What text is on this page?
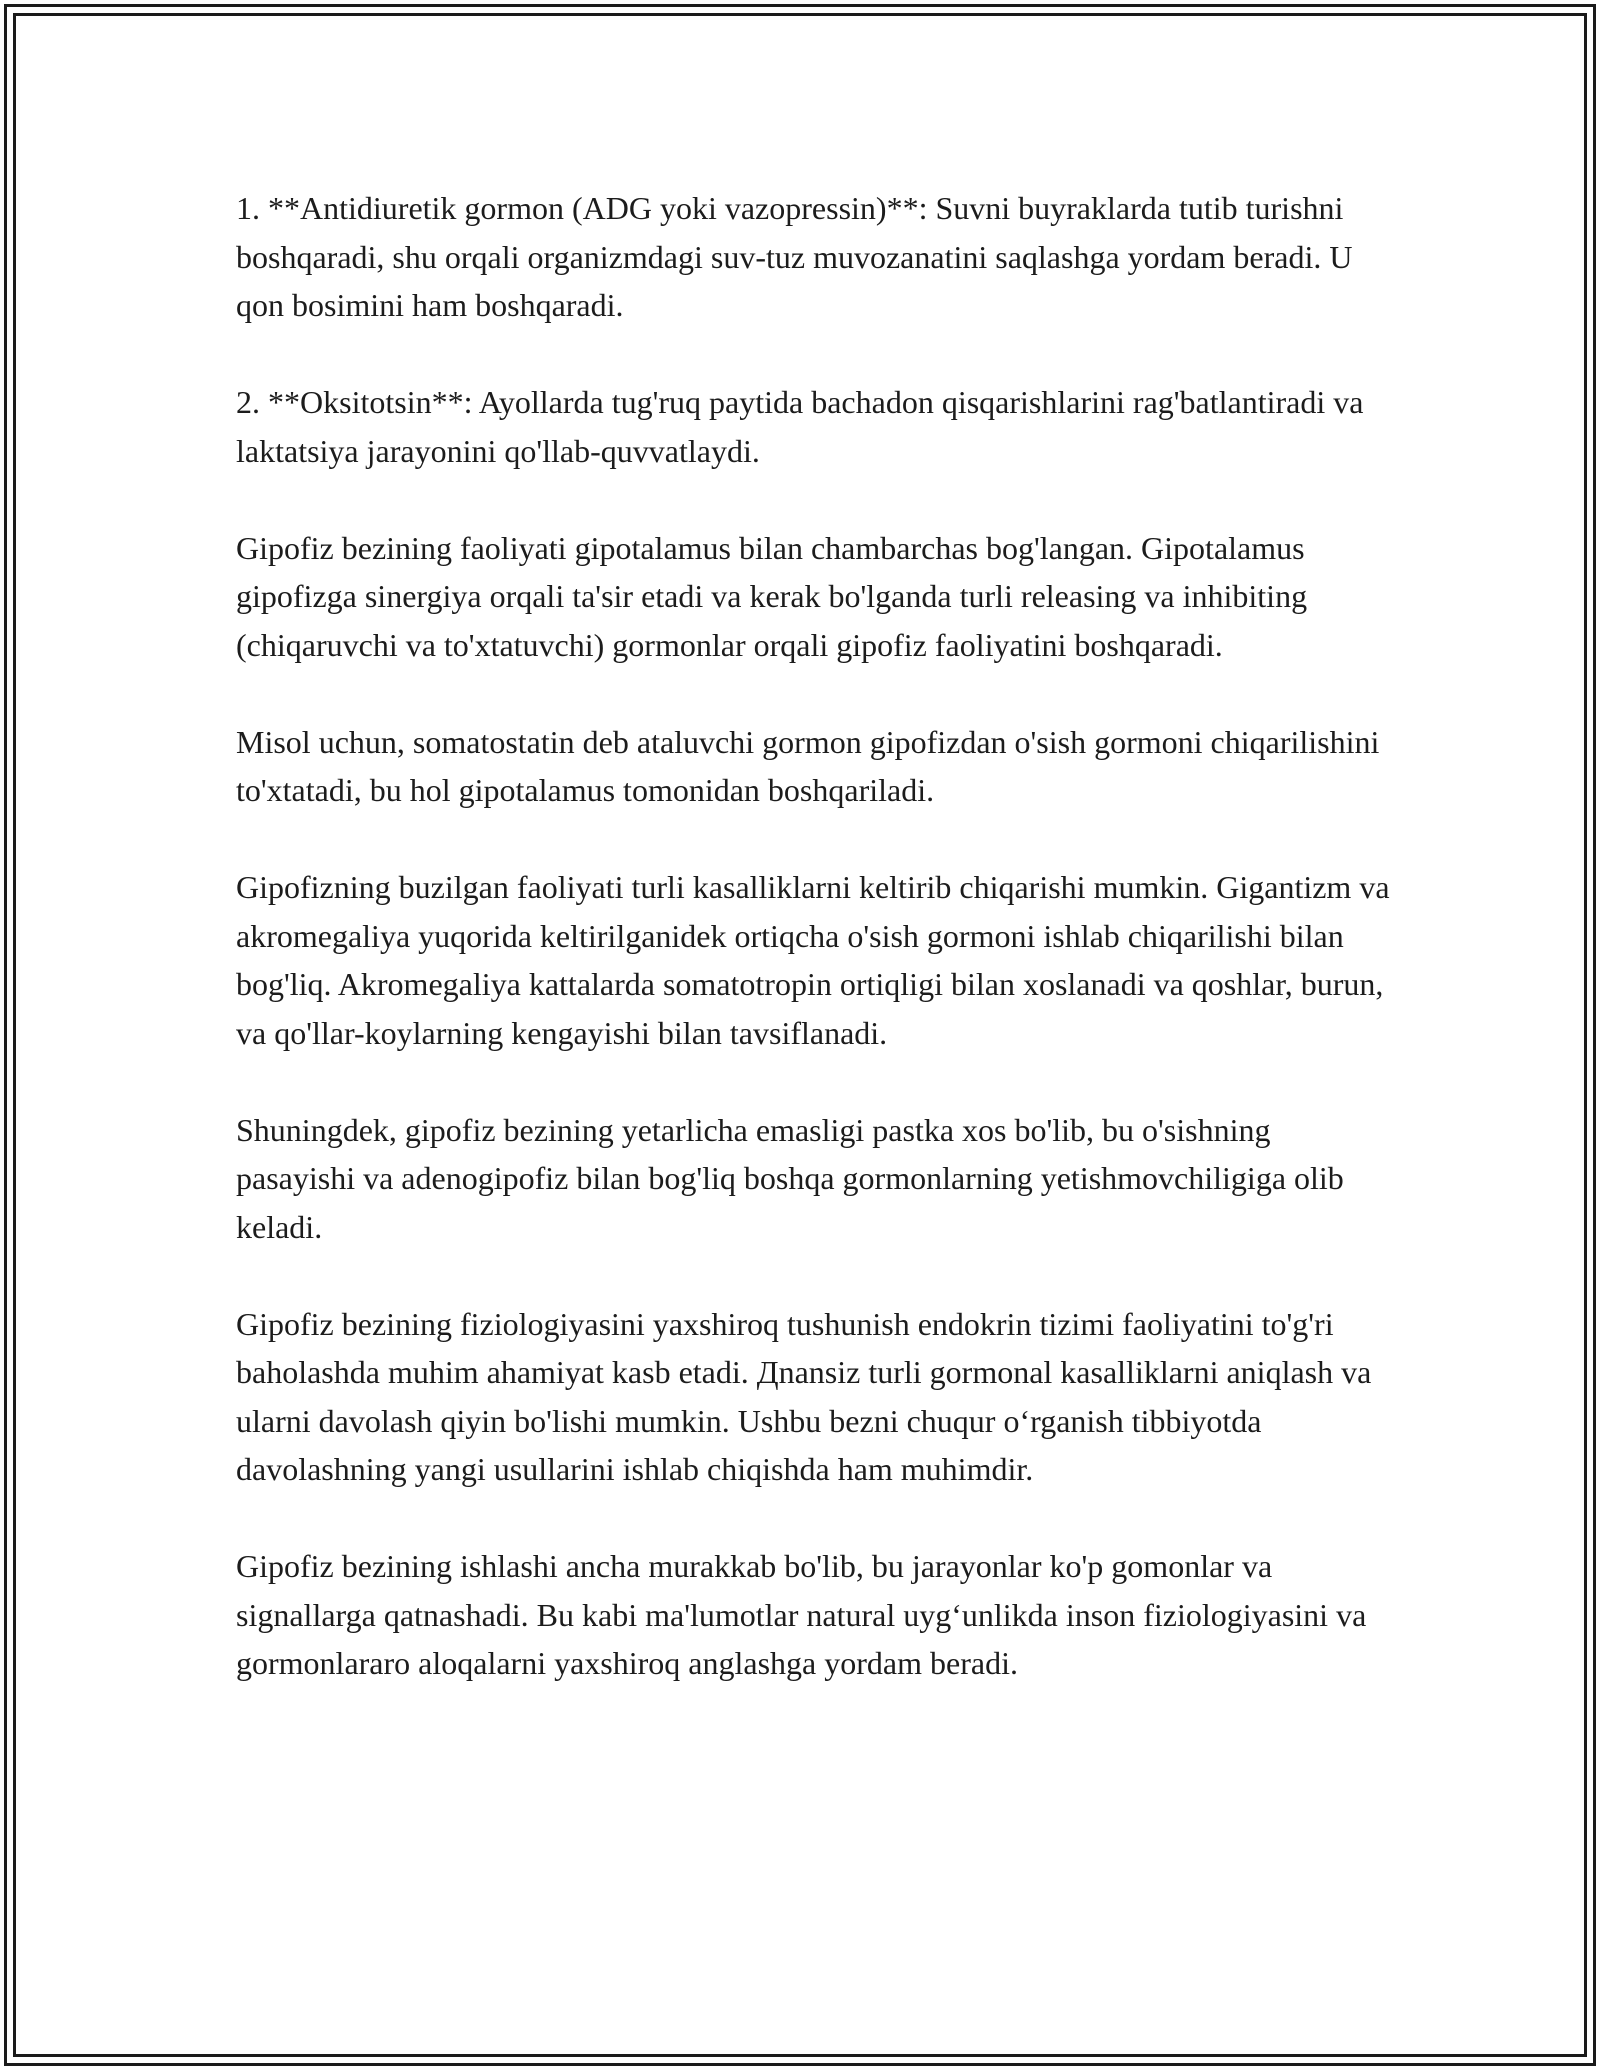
1. **Antidiuretik gormon (ADG yoki vazopressin)**: Suvni buyraklarda tutib turishni boshqaradi, shu orqali organizmdagi suv-tuz muvozanatini saqlashga yordam beradi. U qon bosimini ham boshqaradi.

2. **Oksitotsin**: Ayollarda tug'ruq paytida bachadon qisqarishlarini rag'batlantiradi va laktatsiya jarayonini qo'llab-quvvatlaydi.

Gipofiz bezining faoliyati gipotalamus bilan chambarchas bog'langan. Gipotalamus gipofizga sinergiya orqali ta'sir etadi va kerak bo'lganda turli releasing va inhibiting (chiqaruvchi va to'xtatuvchi) gormonlar orqali gipofiz faoliyatini boshqaradi.

Misol uchun, somatostatin deb ataluvchi gormon gipofizdan o'sish gormoni chiqarilishini to'xtatadi, bu hol gipotalamus tomonidan boshqariladi.

Gipofizning buzilgan faoliyati turli kasalliklarni keltirib chiqarishi mumkin. Gigantizm va akromegaliya yuqorida keltirilganidek ortiqcha o'sish gormoni ishlab chiqarilishi bilan bog'liq. Akromegaliya kattalarda somatotropin ortiqligi bilan xoslanadi va qoshlar, burun, va qo'llar-koylarning kengayishi bilan tavsiflanadi.

Shuningdek, gipofiz bezining yetarlicha emasligi pastka xos bo'lib, bu o'sishning pasayishi va adenogipofiz bilan bog'liq boshqa gormonlarning yetishmovchiligiga olib keladi.

Gipofiz bezining fiziologiyasini yaxshiroq tushunish endokrin tizimi faoliyatini to'g'ri baholashda muhim ahamiyat kasb etadi. Дnansiz turli gormonal kasalliklarni aniqlash va ularni davolash qiyin bo'lishi mumkin. Ushbu bezni chuqur o‘rganish tibbiyotda davolashning yangi usullarini ishlab chiqishda ham muhimdir.

Gipofiz bezining ishlashi ancha murakkab bo'lib, bu jarayonlar ko'p gomonlar va signallarga qatnashadi. Bu kabi ma'lumotlar natural uyg‘unlikda inson fiziologiyasini va gormonlararo aloqalarni yaxshiroq anglashga yordam beradi.
